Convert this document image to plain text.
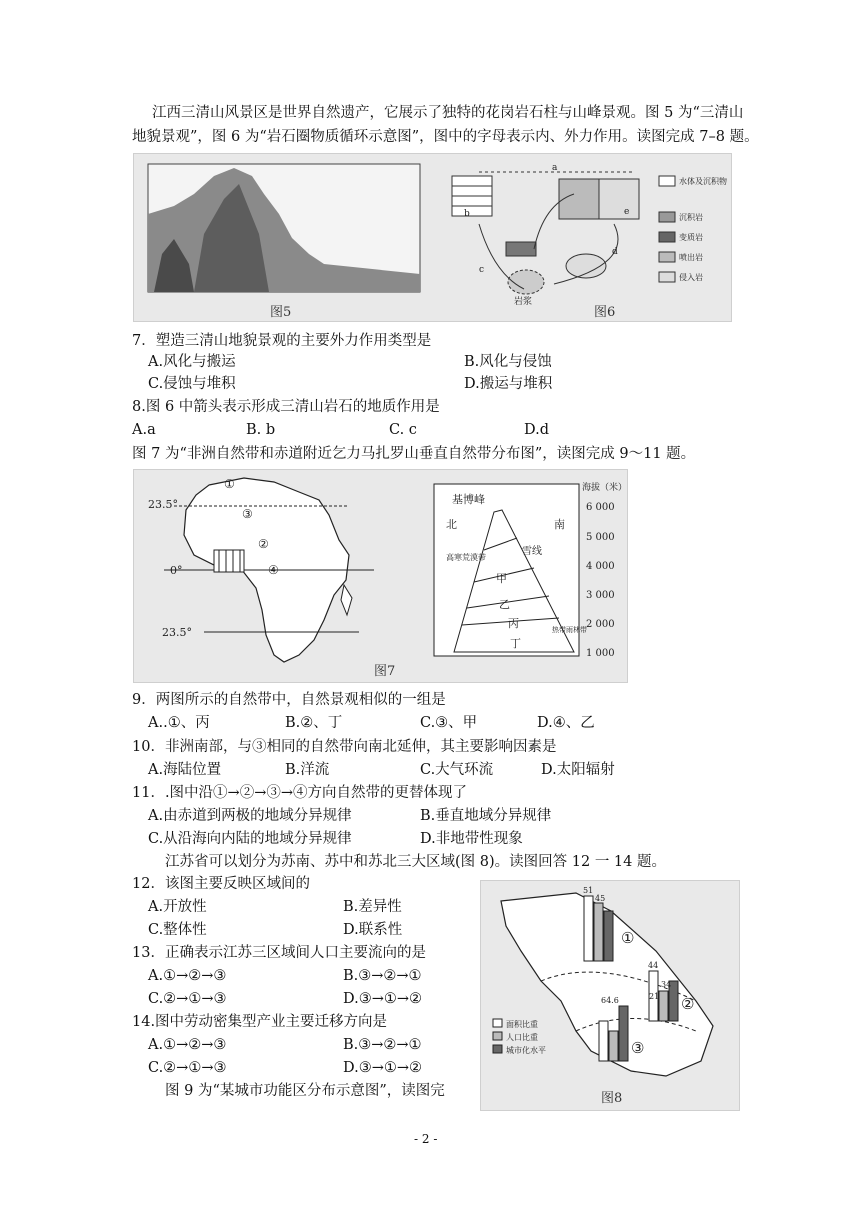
江西三清山风景区是世界自然遗产，它展示了独特的花岗岩石柱与山峰景观。图 5 为“三清山
地貌景观”，图 6 为“岩石圈物质循环示意图”，图中的字母表示内、外力作用。读图完成 7–8 题。
a
b
c
d
e
岩浆
水体及沉积物
沉积岩
变质岩
喷出岩
侵入岩
图5	图6
7．塑造三清山地貌景观的主要外力作用类型是
A.风化与搬运	B.风化与侵蚀
C.侵蚀与堆积	D.搬运与堆积
8.图 6 中箭头表示形成三清山岩石的地质作用是
A.a	B. b	C. c	D.d
图 7 为“非洲自然带和赤道附近乞力马扎罗山垂直自然带分布图”，读图完成 9～11 题。
23.5°
0°
23.5°
①
②
③
④
基博峰
北	南
高寒荒漠带
雪线
甲
乙
丙
丁
热带雨林带
海拔（米）
6 000
5 000
4 000
3 000
2 000
1 000
图7
9．两图所示的自然带中，自然景观相似的一组是
A..①、丙	B.②、丁	C.③、甲	D.④、乙
10．非洲南部，与③相同的自然带向南北延伸，其主要影响因素是
A.海陆位置	B.洋流	C.大气环流	D.太阳辐射
11．.图中沿①→②→③→④方向自然带的更替体现了
A.由赤道到两极的地域分异规律	B.垂直地域分异规律
C.从沿海向内陆的地域分异规律	D.非地带性现象
江苏省可以划分为苏南、苏中和苏北三大区域(图 8)。读图回答 12 一 14 题。
12．该图主要反映区域间的
A.开放性	B.差异性
C.整体性	D.联系性
13．正确表示江苏三区域间人口主要流向的是
A.①→②→③	B.③→②→①
C.②→①→③	D.③→①→②
14.图中劳动密集型产业主要迁移方向是
A.①→②→③	B.③→②→①
C.②→①→③	D.③→①→②
图 9 为“某城市功能区分布示意图”，读图完
51
45
44
34
21
64.6
①
②
③
面积比重
人口比重
城市化水平
图8
- 2 -
